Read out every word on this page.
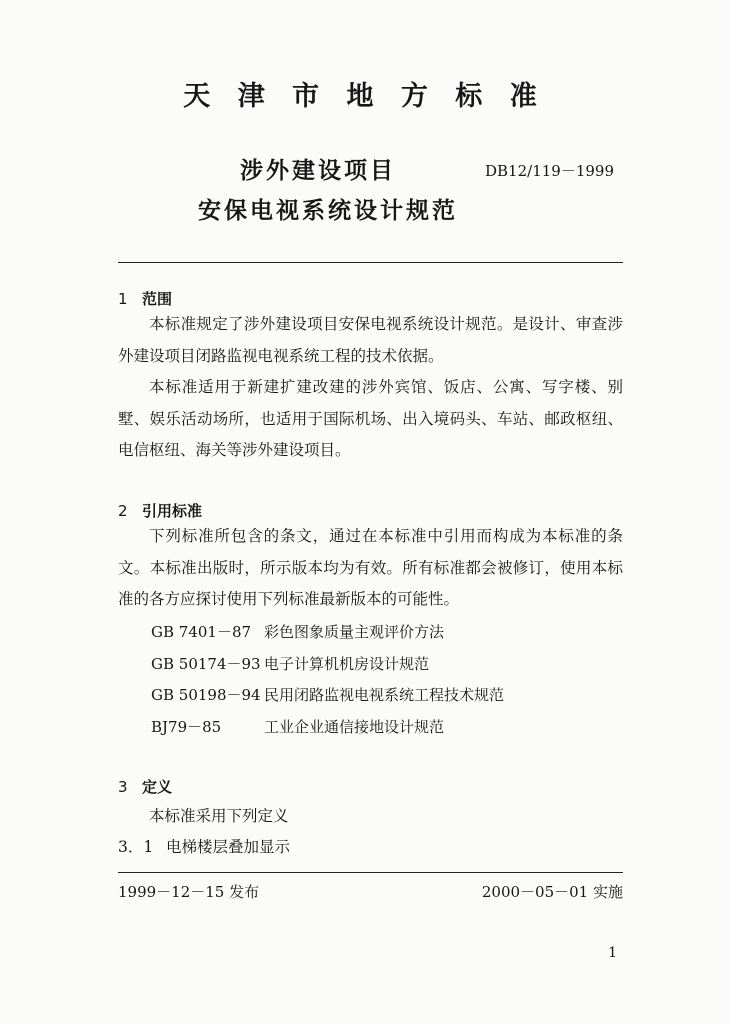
天 津 市 地 方 标 准
涉外建设项目
安保电视系统设计规范
DB12/119－1999
1 范围

本标准规定了涉外建设项目安保电视系统设计规范。是设计、审查涉外建设项目闭路监视电视系统工程的技术依据。

本标准适用于新建扩建改建的涉外宾馆、饭店、公寓、写字楼、别墅、娱乐活动场所，也适用于国际机场、出入境码头、车站、邮政枢纽、电信枢纽、海关等涉外建设项目。

2 引用标准

下列标准所包含的条文，通过在本标准中引用而构成为本标准的条文。本标准出版时，所示版本均为有效。所有标准都会被修订，使用本标准的各方应探讨使用下列标准最新版本的可能性。

GB 7401－87 彩色图象质量主观评价方法
GB 50174－93 电子计算机机房设计规范
GB 50198－94 民用闭路监视电视系统工程技术规范
BJ79－85	工业企业通信接地设计规范
3 定义
本标准采用下列定义
3．1 电梯楼层叠加显示
1999－12－15 发布	2000－05－01 实施
1
